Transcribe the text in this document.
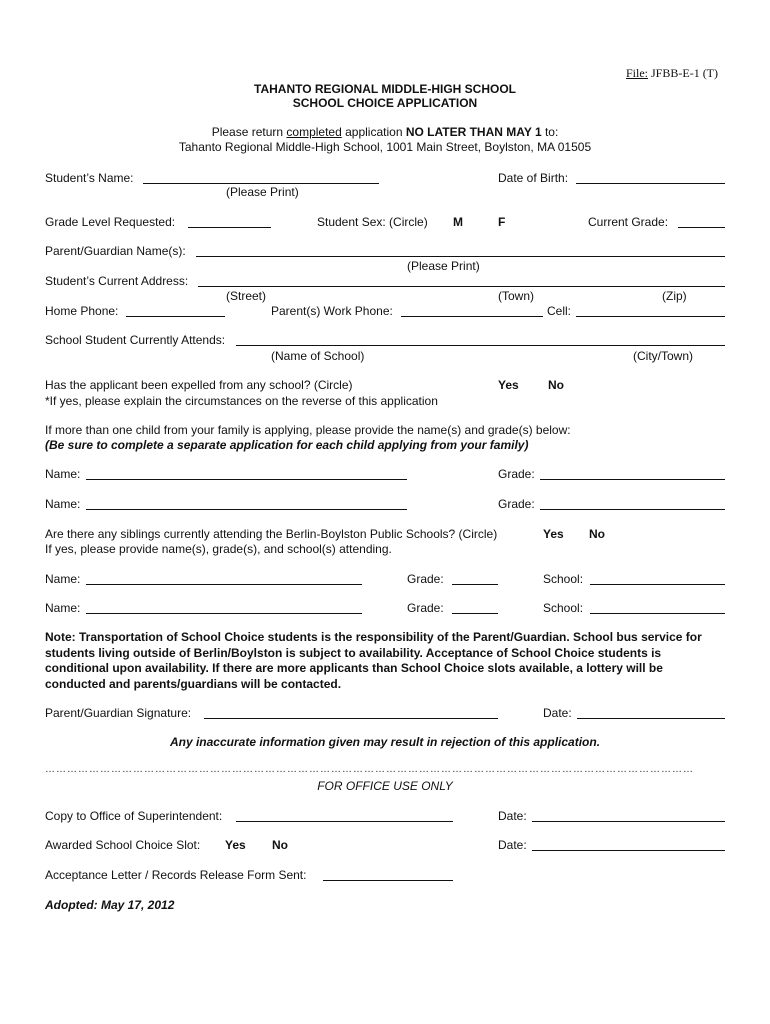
File: JFBB-E-1 (T)
TAHANTO REGIONAL MIDDLE-HIGH SCHOOL
SCHOOL CHOICE APPLICATION
Please return completed application NO LATER THAN MAY 1 to:
Tahanto Regional Middle-High School, 1001 Main Street, Boylston, MA 01505
Student’s Name:
(Please Print)
Date of Birth:
Grade Level Requested:	Student Sex: (Circle) M	F	Current Grade:
Parent/Guardian Name(s):
(Please Print)
Student’s Current Address:
(Street)	(Town)	(Zip)
Home Phone:	Parent(s) Work Phone:	Cell:
School Student Currently Attends:
(Name of School)	(City/Town)
Has the applicant been expelled from any school? (Circle)	Yes No
*If yes, please explain the circumstances on the reverse of this application
If more than one child from your family is applying, please provide the name(s) and grade(s) below:
(Be sure to complete a separate application for each child applying from your family)
Name:	Grade:
Name:	Grade:
Are there any siblings currently attending the Berlin-Boylston Public Schools? (Circle)	Yes No
If yes, please provide name(s), grade(s), and school(s) attending.
Name:	Grade:	School:
Name:	Grade:	School:
Note: Transportation of School Choice students is the responsibility of the Parent/Guardian. School bus service for students living outside of Berlin/Boylston is subject to availability. Acceptance of School Choice students is conditional upon availability. If there are more applicants than School Choice slots available, a lottery will be conducted and parents/guardians will be contacted.
Parent/Guardian Signature:	Date:
Any inaccurate information given may result in rejection of this application.
……………………………………………………………………………………………………………………………………………………………
FOR OFFICE USE ONLY
Copy to Office of Superintendent:	Date:
Awarded School Choice Slot: Yes No	Date:
Acceptance Letter / Records Release Form Sent:
Adopted: May 17, 2012
